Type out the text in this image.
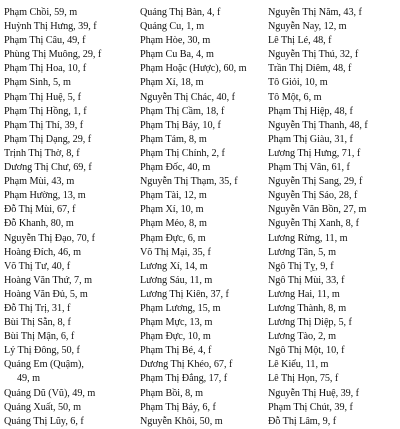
Phạm Chồi, 59, m
Huỳnh Thị Hưng, 39, f
Phạm Thị Câu, 49, f
Phùng Thị Muông, 29, f
Phạm Thị Hoa, 10, f
Phạm Sinh, 5, m
Phạm Thị Huệ, 5, f
Phạm Thị Hồng, 1, f
Phạm Thị Thí, 39, f
Phạm Thị Dạng, 29, f
Trịnh Thị Thờ, 8, f
Dương Thị Chư, 69, f
Phạm Mùi, 43, m
Phạm Hường, 13, m
Đỗ Thị Mùi, 67, f
Đỗ Khanh, 80, m
Nguyễn Thị Đạo, 70, f
Hoàng Đích, 46, m
Võ Thị Tư, 40, f
Hoàng Văn Thứ, 7, m
Hoàng Văn Đủ, 5, m
Đỗ Thị Trị, 31, f
Bùi Thị Sẵn, 8, f
Bùi Thị Mận, 6, f
Lý Thị Đông, 50, f
Quảng Em (Quậm),
49, m
Quảng Dũ (Vũ), 49, m
Quảng Xuất, 50, m
Quảng Thị Lũy, 6, f
Quảng Thị Bàn, 4, f
Quảng Cu, 1, m
Phạm Hòe, 30, m
Phạm Cu Ba, 4, m
Phạm Hoặc (Hược), 60, m
Phạm Xí, 18, m
Nguyễn Thị Chác, 40, f
Phạm Thị Cầm, 18, f
Phạm Thị Bảy, 10, f
Phạm Tám, 8, m
Phạm Thị Chính, 2, f
Phạm Đốc, 40, m
Nguyễn Thị Thạm, 35, f
Phạm Tài, 12, m
Phạm Xí, 10, m
Phạm Mẻo, 8, m
Phạm Đực, 6, m
Võ Thị Mại, 35, f
Lương Xí, 14, m
Lương Sáu, 11, m
Lương Thị Kiên, 37, f
Phạm Lương, 15, m
Phạm Mực, 13, m
Phạm Đực, 10, m
Phạm Thị Bé, 4, f
Dương Thị Khéo, 67, f
Phạm Thị Đắng, 17, f
Phạm Bồi, 8, m
Phạm Thị Bảy, 6, f
Nguyễn Khôi, 50, m
Nguyễn Thị Năm, 43, f
Nguyễn Nay, 12, m
Lê Thị Lé, 48, f
Nguyễn Thị Thú, 32, f
Trần Thị Diêm, 48, f
Tô Giỏi, 10, m
Tô Một, 6, m
Phạm Thị Hiệp, 48, f
Nguyễn Thị Thanh, 48, f
Phạm Thị Giàu, 31, f
Lương Thị Hưng, 71, f
Phạm Thị Vân, 61, f
Nguyễn Thị Sang, 29, f
Nguyễn Thị Sáo, 28, f
Nguyễn Văn Bồn, 27, m
Nguyễn Thị Xanh, 8, f
Lương Rừng, 11, m
Lương Tân, 5, m
Ngô Thị Tỵ, 9, f
Ngô Thị Mùi, 33, f
Lương Hai, 11, m
Lương Thành, 8, m
Lương Thị Diệp, 5, f
Lương Tào, 2, m
Ngô Thị Một, 10, f
Lê Kiểu, 11, m
Lê Thị Họn, 75, f
Nguyễn Thị Huệ, 39, f
Phạm Thị Chút, 39, f
Đỗ Thị Lâm, 9, f
